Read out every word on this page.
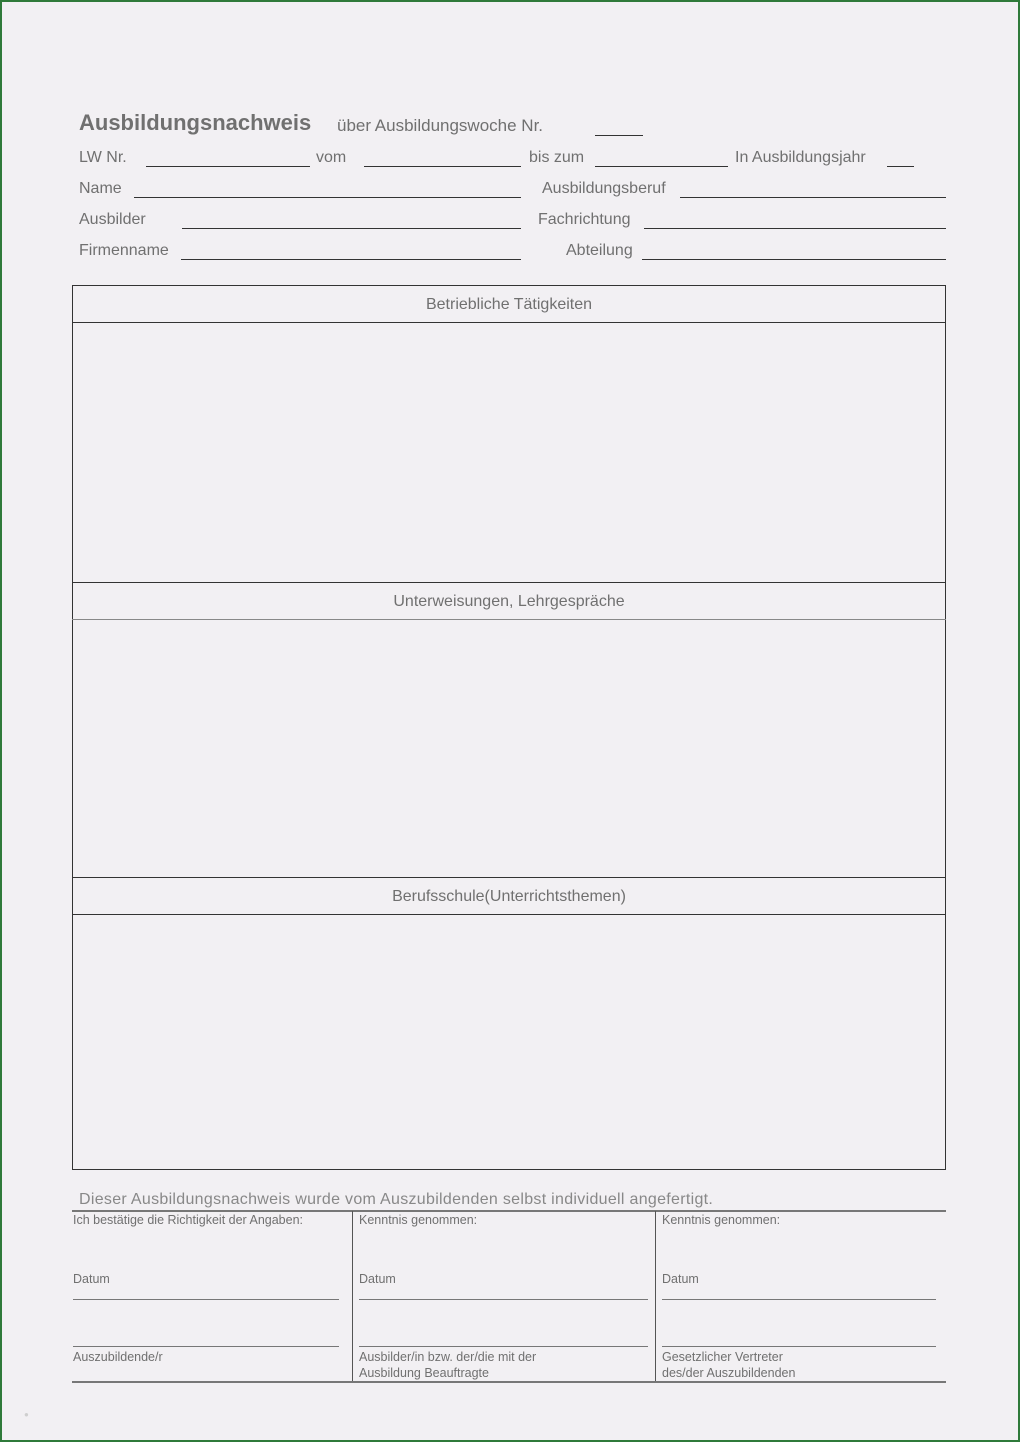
Ausbildungsnachweis über Ausbildungswoche Nr.
LW Nr.	vom	bis zum	In Ausbildungsjahr
Name	Ausbildungsberuf
Ausbilder	Fachrichtung
Firmenname	Abteilung
Betriebliche Tätigkeiten
Unterweisungen, Lehrgespräche
Berufsschule(Unterrichtsthemen)
Dieser Ausbildungsnachweis wurde vom Auszubildenden selbst individuell angefertigt.
Ich bestätige die Richtigkeit der Angaben:
Datum
Auszubildende/r
Kenntnis genommen:
Datum
Ausbilder/in bzw. der/die mit der
Ausbildung Beauftragte
Kenntnis genommen:
Datum
Gesetzlicher Vertreter
des/der Auszubildenden
●
